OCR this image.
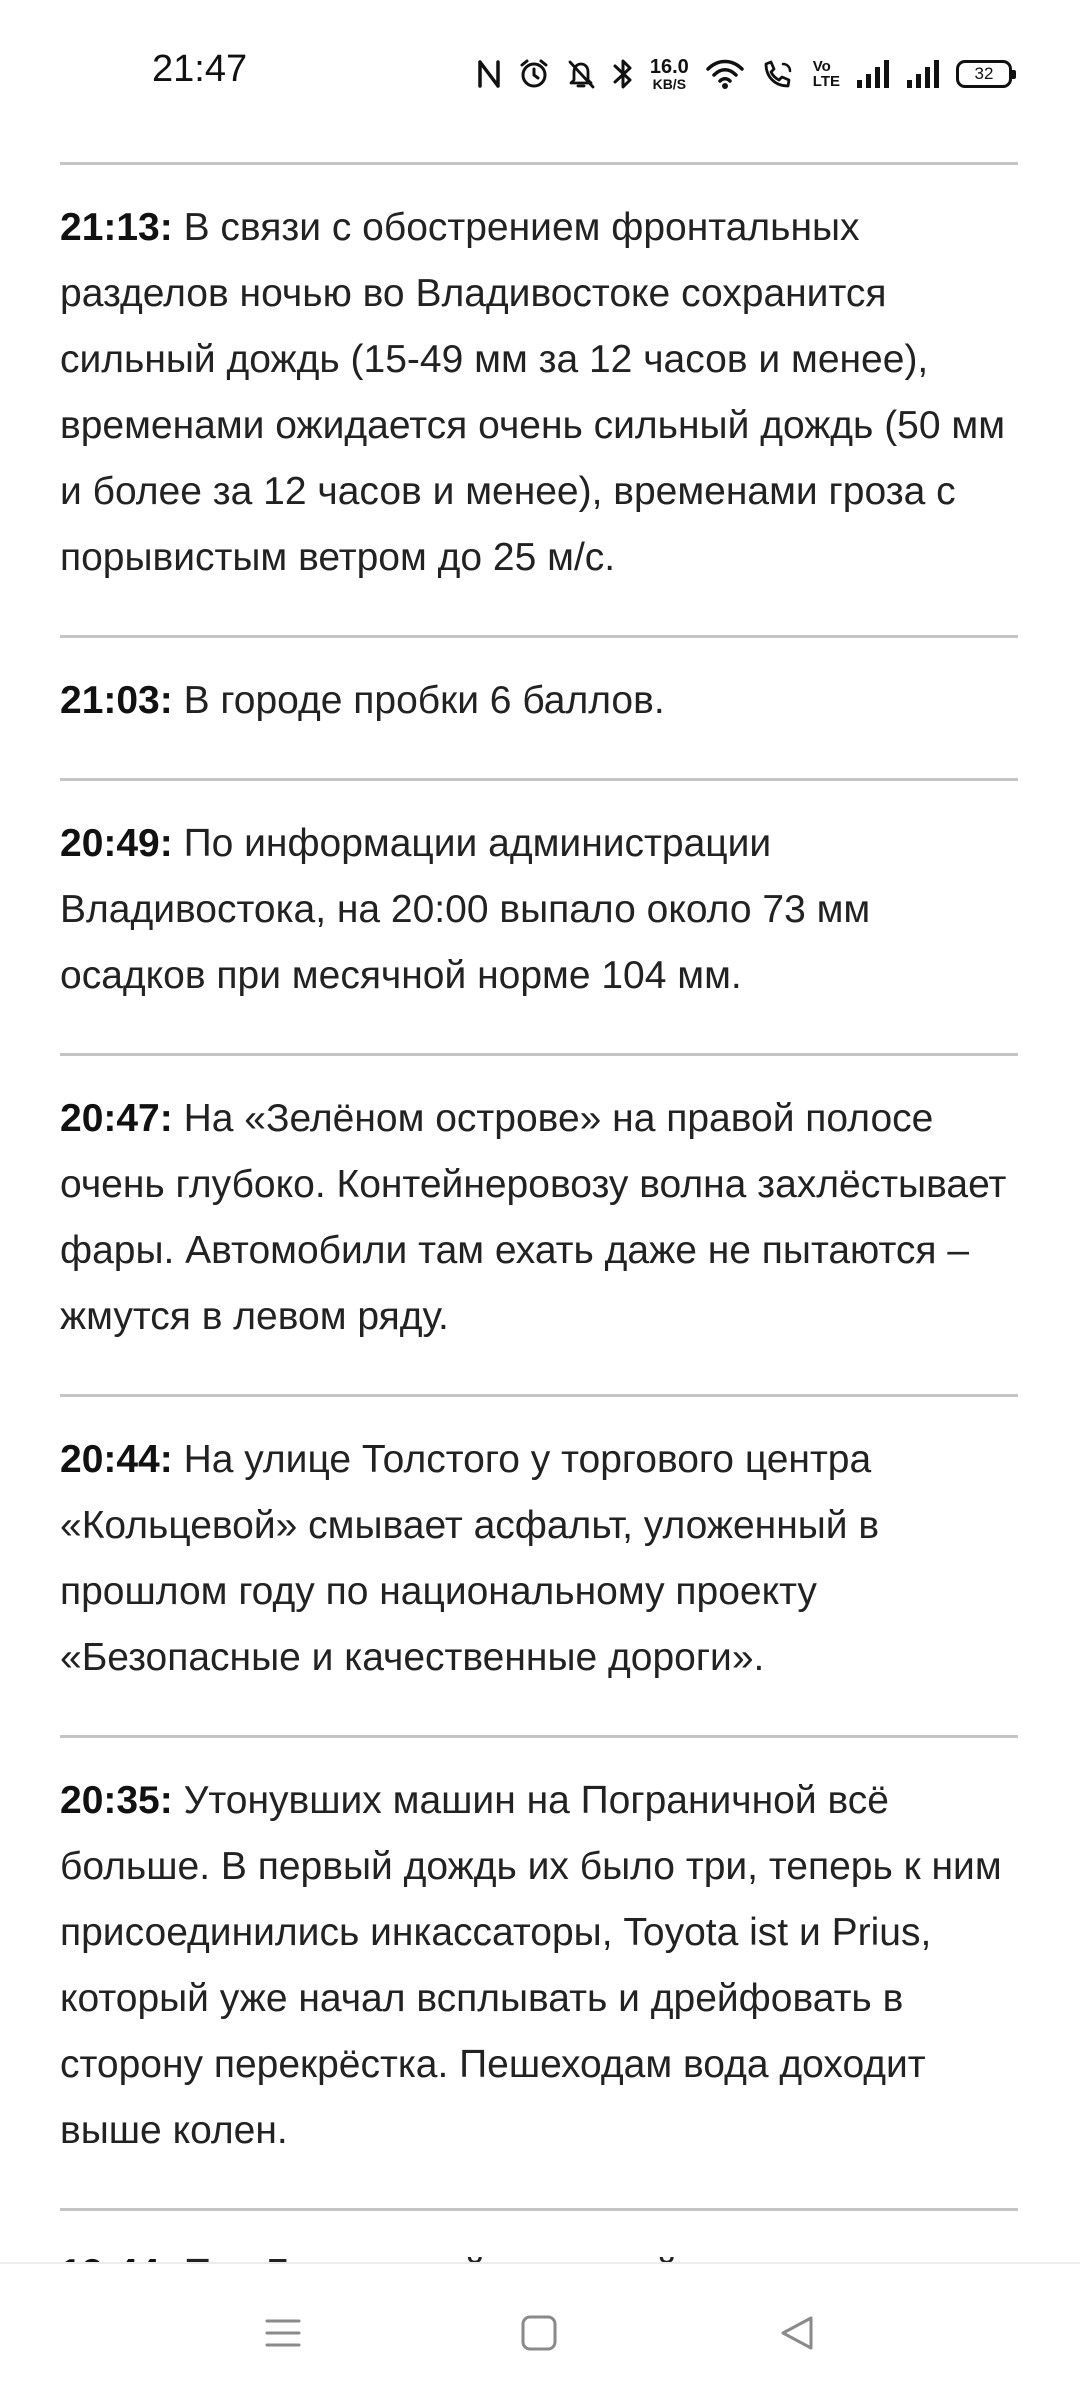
21:47	16.0
KB/S
Vo
LTE	32
21:13: В связи с обострением фронтальных разделов ночью во Владивостоке сохранится сильный дождь (15-49 мм за 12 часов и менее), временами ожидается очень сильный дождь (50 мм и более за 12 часов и менее), временами гроза с порывистым ветром до 25 м/с.
21:03: В городе пробки 6 баллов.
20:49: По информации администрации Владивостока, на 20:00 выпало около 73 мм осадков при месячной норме 104 мм.
20:47: На «Зелёном острове» на правой полосе очень глубоко. Контейнеровозу волна захлёстывает фары. Автомобили там ехать даже не пытаются – жмутся в левом ряду.
20:44: На улице Толстого у торгового центра «Кольцевой» смывает асфальт, уложенный в прошлом году по национальному проекту «Безопасные и качественные дороги».
20:35: Утонувших машин на Пограничной всё больше. В первый дождь их было три, теперь к ним присоединились инкассаторы, Toyota ist и Prius, который уже начал всплывать и дрейфовать в сторону перекрёстка. Пешеходам вода доходит выше колен.
